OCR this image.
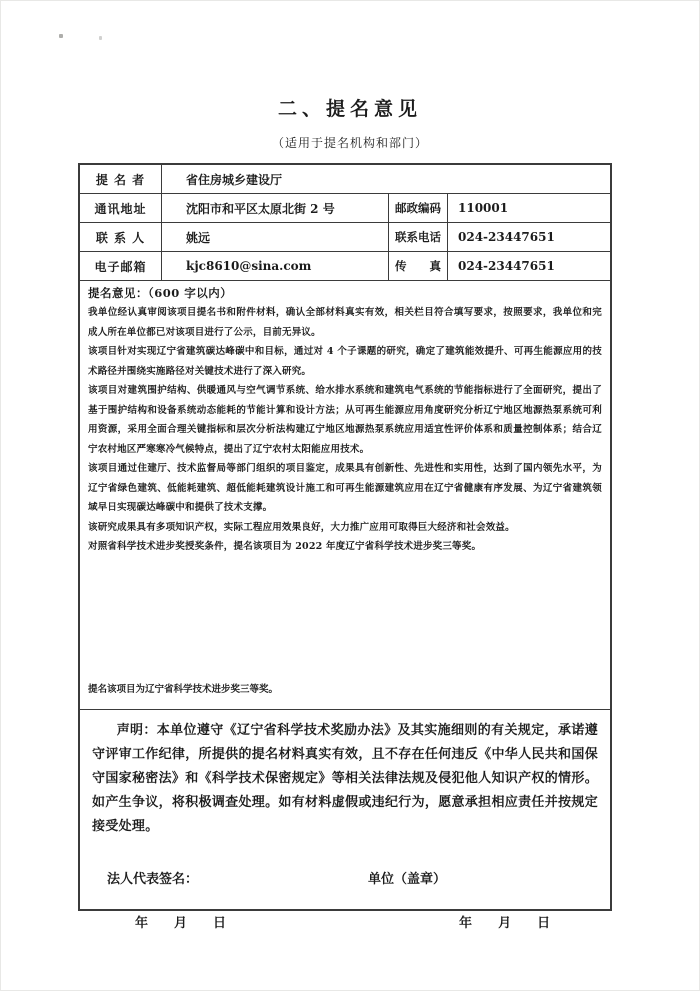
二、提名意见
（适用于提名机构和部门）
提 名 者	省住房城乡建设厅
通讯地址	沈阳市和平区太原北街 2 号	邮政编码	110001
联 系 人	姚远	联系电话	024-23447651
电子邮箱	kjc8610@sina.com	传　　真	024-23447651
提名意见：（600 字以内）

我单位经认真审阅该项目提名书和附件材料，确认全部材料真实有效，相关栏目符合填写要求，按照要求，我单位和完成人所在单位都已对该项目进行了公示，目前无异议。

该项目针对实现辽宁省建筑碳达峰碳中和目标，通过对 4 个子课题的研究，确定了建筑能效提升、可再生能源应用的技术路径并围绕实施路径对关键技术进行了深入研究。

该项目对建筑围护结构、供暖通风与空气调节系统、给水排水系统和建筑电气系统的节能指标进行了全面研究，提出了基于围护结构和设备系统动态能耗的节能计算和设计方法；从可再生能源应用角度研究分析辽宁地区地源热泵系统可利用资源，采用全面合理关键指标和层次分析法构建辽宁地区地源热泵系统应用适宜性评价体系和质量控制体系；结合辽宁农村地区严寒寒冷气候特点，提出了辽宁农村太阳能应用技术。

该项目通过住建厅、技术监督局等部门组织的项目鉴定，成果具有创新性、先进性和实用性，达到了国内领先水平，为辽宁省绿色建筑、低能耗建筑、超低能耗建筑设计施工和可再生能源建筑应用在辽宁省健康有序发展、为辽宁省建筑领域早日实现碳达峰碳中和提供了技术支撑。

该研究成果具有多项知识产权，实际工程应用效果良好，大力推广应用可取得巨大经济和社会效益。

对照省科学技术进步奖授奖条件，提名该项目为 2022 年度辽宁省科学技术进步奖三等奖。

提名该项目为辽宁省科学技术进步奖三等奖。

声明：本单位遵守《辽宁省科学技术奖励办法》及其实施细则的有关规定，承诺遵守评审工作纪律，所提供的提名材料真实有效，且不存在任何违反《中华人民共和国保守国家秘密法》和《科学技术保密规定》等相关法律法规及侵犯他人知识产权的情形。如产生争议，将积极调查处理。如有材料虚假或违纪行为，愿意承担相应责任并按规定接受处理。

法人代表签名：	单位（盖章）
年 月 日	年 月 日
